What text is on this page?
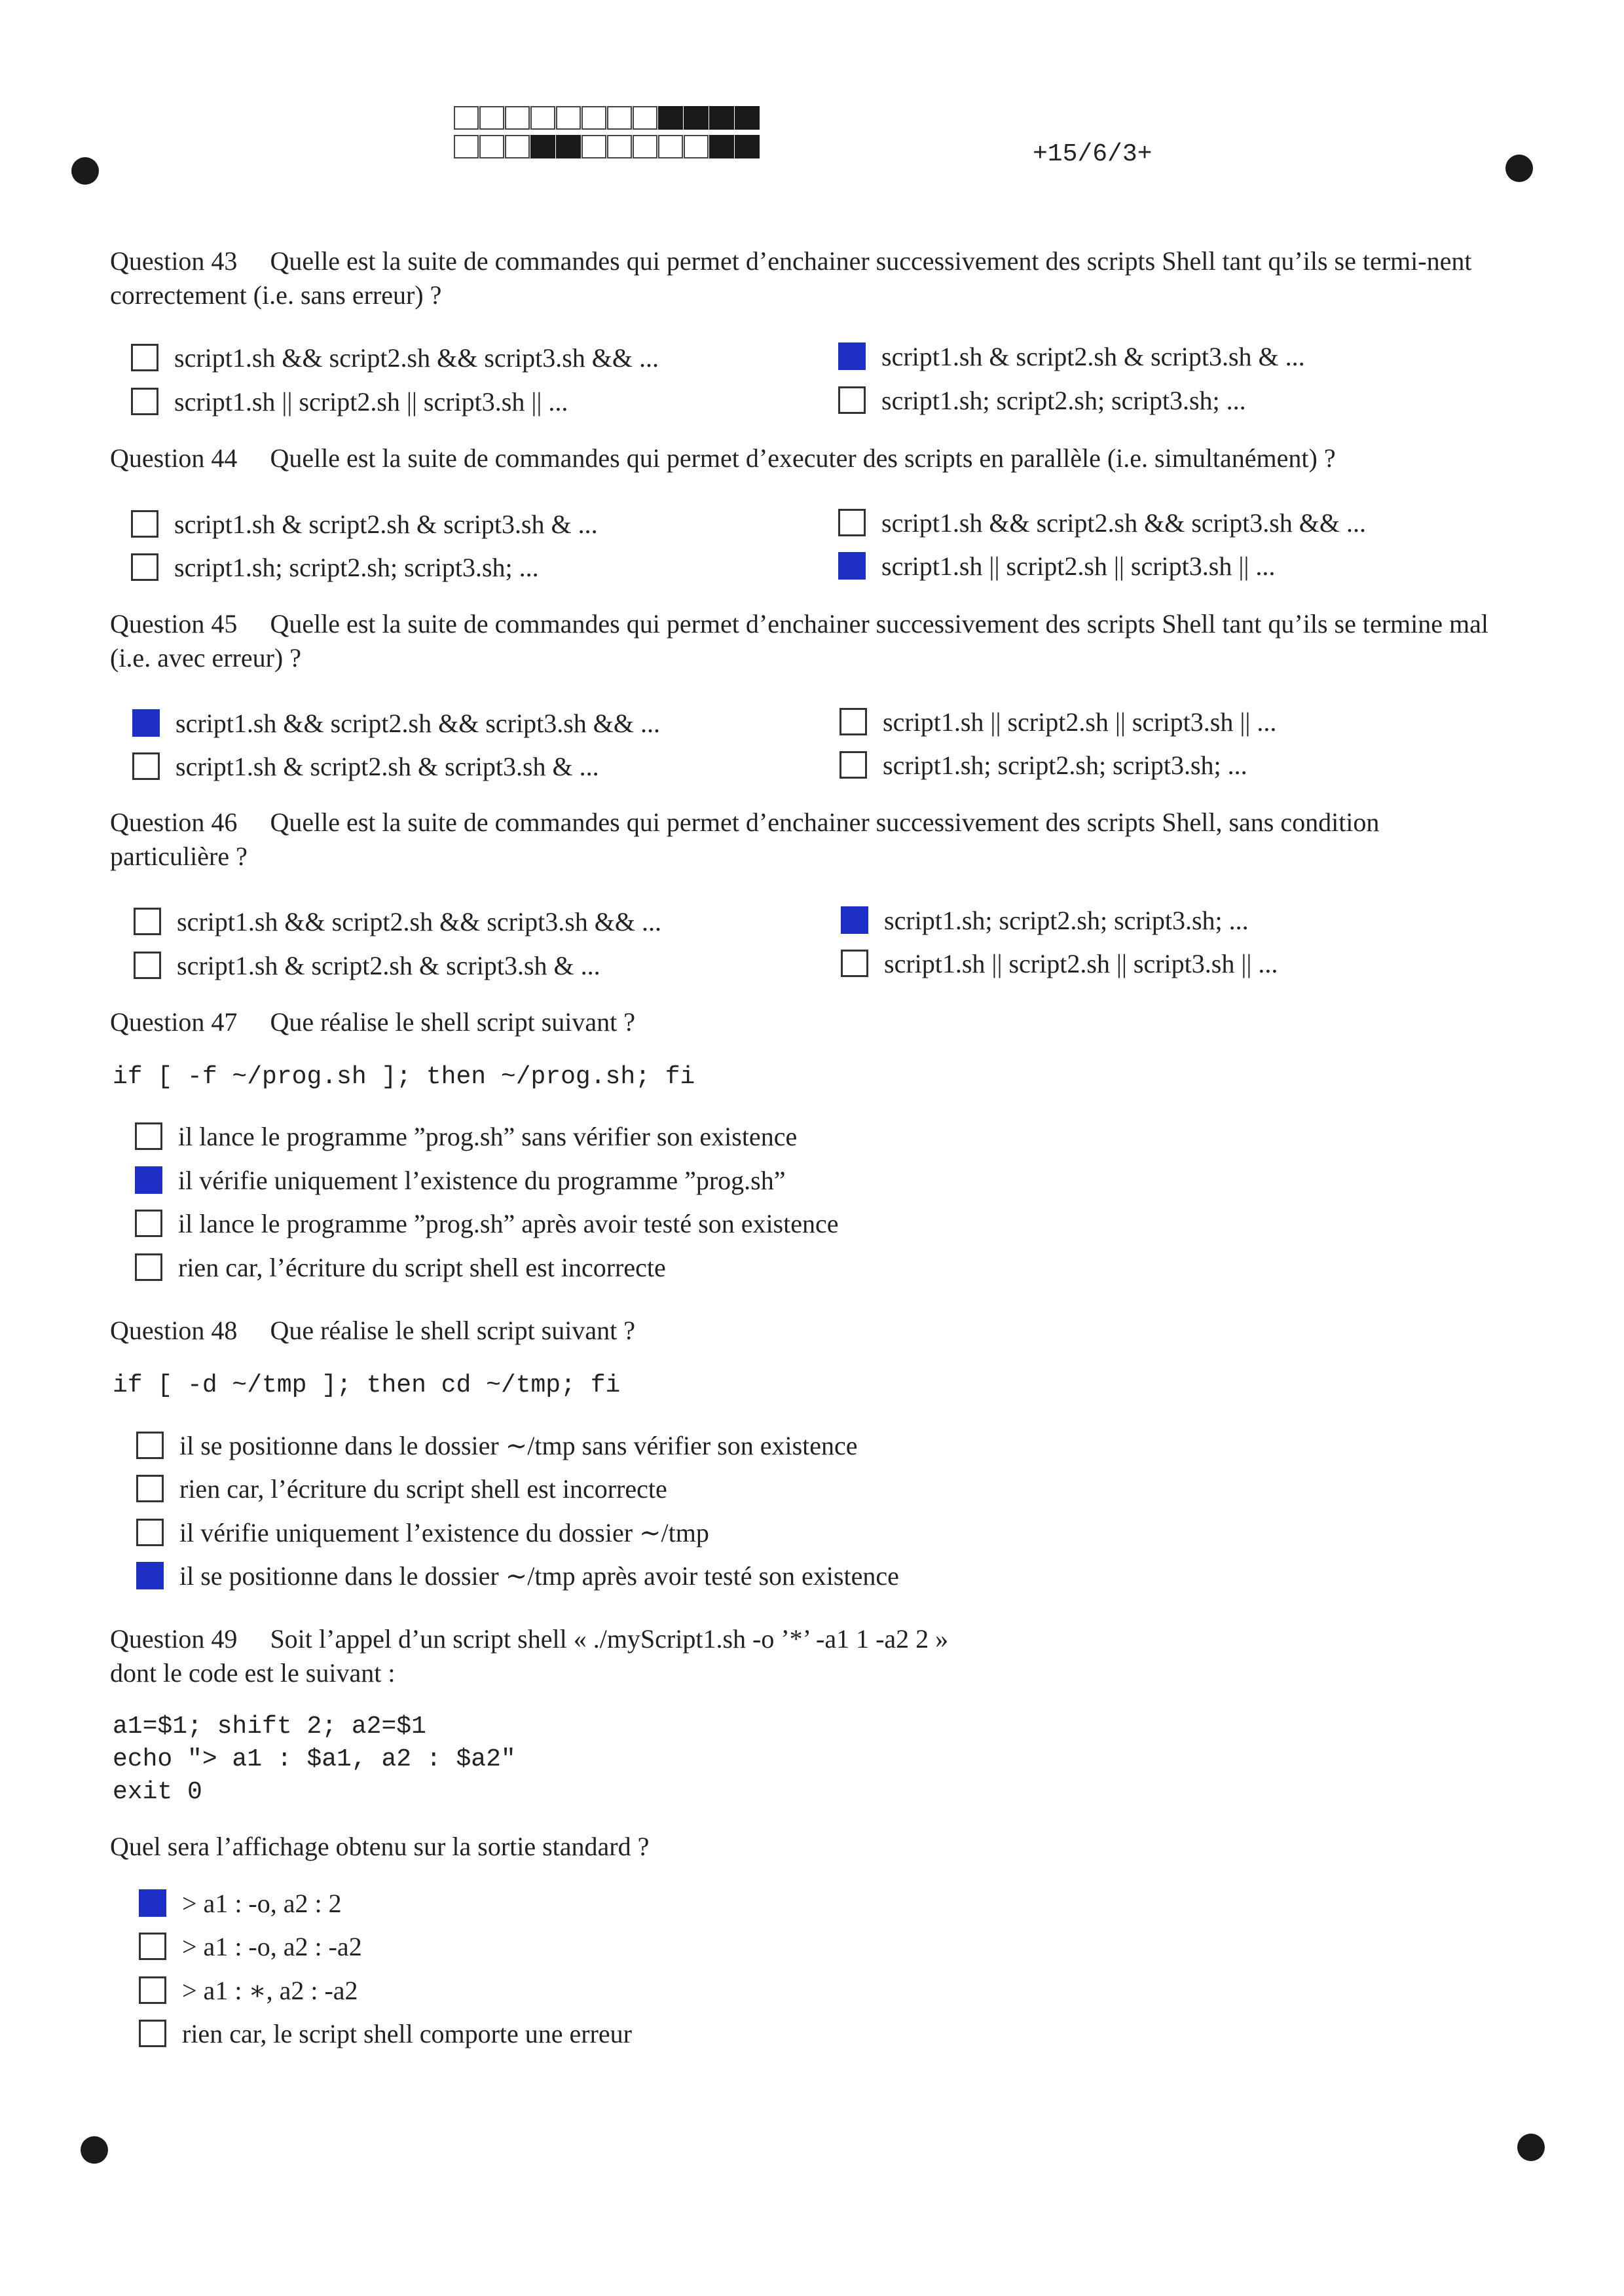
+15/6/3+
Question 43 Quelle est la suite de commandes qui permet d’enchainer successivement des scripts Shell tant qu’ils se termi-nent correctement (i.e. sans erreur) ?
script1.sh && script2.sh && script3.sh && ...	script1.sh & script2.sh & script3.sh & ...
script1.sh || script2.sh || script3.sh || ...	script1.sh; script2.sh; script3.sh; ...
Question 44 Quelle est la suite de commandes qui permet d’executer des scripts en parallèle (i.e. simultanément) ?
script1.sh & script2.sh & script3.sh & ...	script1.sh && script2.sh && script3.sh && ...
script1.sh; script2.sh; script3.sh; ...	script1.sh || script2.sh || script3.sh || ...
Question 45 Quelle est la suite de commandes qui permet d’enchainer successivement des scripts Shell tant qu’ils se termine mal (i.e. avec erreur) ?
script1.sh && script2.sh && script3.sh && ...	script1.sh || script2.sh || script3.sh || ...
script1.sh & script2.sh & script3.sh & ...	script1.sh; script2.sh; script3.sh; ...
Question 46 Quelle est la suite de commandes qui permet d’enchainer successivement des scripts Shell, sans condition particulière ?
script1.sh && script2.sh && script3.sh && ...	script1.sh; script2.sh; script3.sh; ...
script1.sh & script2.sh & script3.sh & ...	script1.sh || script2.sh || script3.sh || ...
Question 47 Que réalise le shell script suivant ?
if [ -f ~/prog.sh ]; then ~/prog.sh; fi
il lance le programme ”prog.sh” sans vérifier son existence
il vérifie uniquement l’existence du programme ”prog.sh”
il lance le programme ”prog.sh” après avoir testé son existence
rien car, l’écriture du script shell est incorrecte
Question 48 Que réalise le shell script suivant ?
if [ -d ~/tmp ]; then cd ~/tmp; fi
il se positionne dans le dossier ∼/tmp sans vérifier son existence
rien car, l’écriture du script shell est incorrecte
il vérifie uniquement l’existence du dossier ∼/tmp
il se positionne dans le dossier ∼/tmp après avoir testé son existence
Question 49 Soit l’appel d’un script shell « ./myScript1.sh -o ’*’ -a1 1 -a2 2 »
dont le code est le suivant :
a1=$1; shift 2; a2=$1
echo "> a1 : $a1, a2 : $a2"
exit 0
Quel sera l’affichage obtenu sur la sortie standard ?
> a1 : -o, a2 : 2
> a1 : -o, a2 : -a2
> a1 : ∗, a2 : -a2
rien car, le script shell comporte une erreur
